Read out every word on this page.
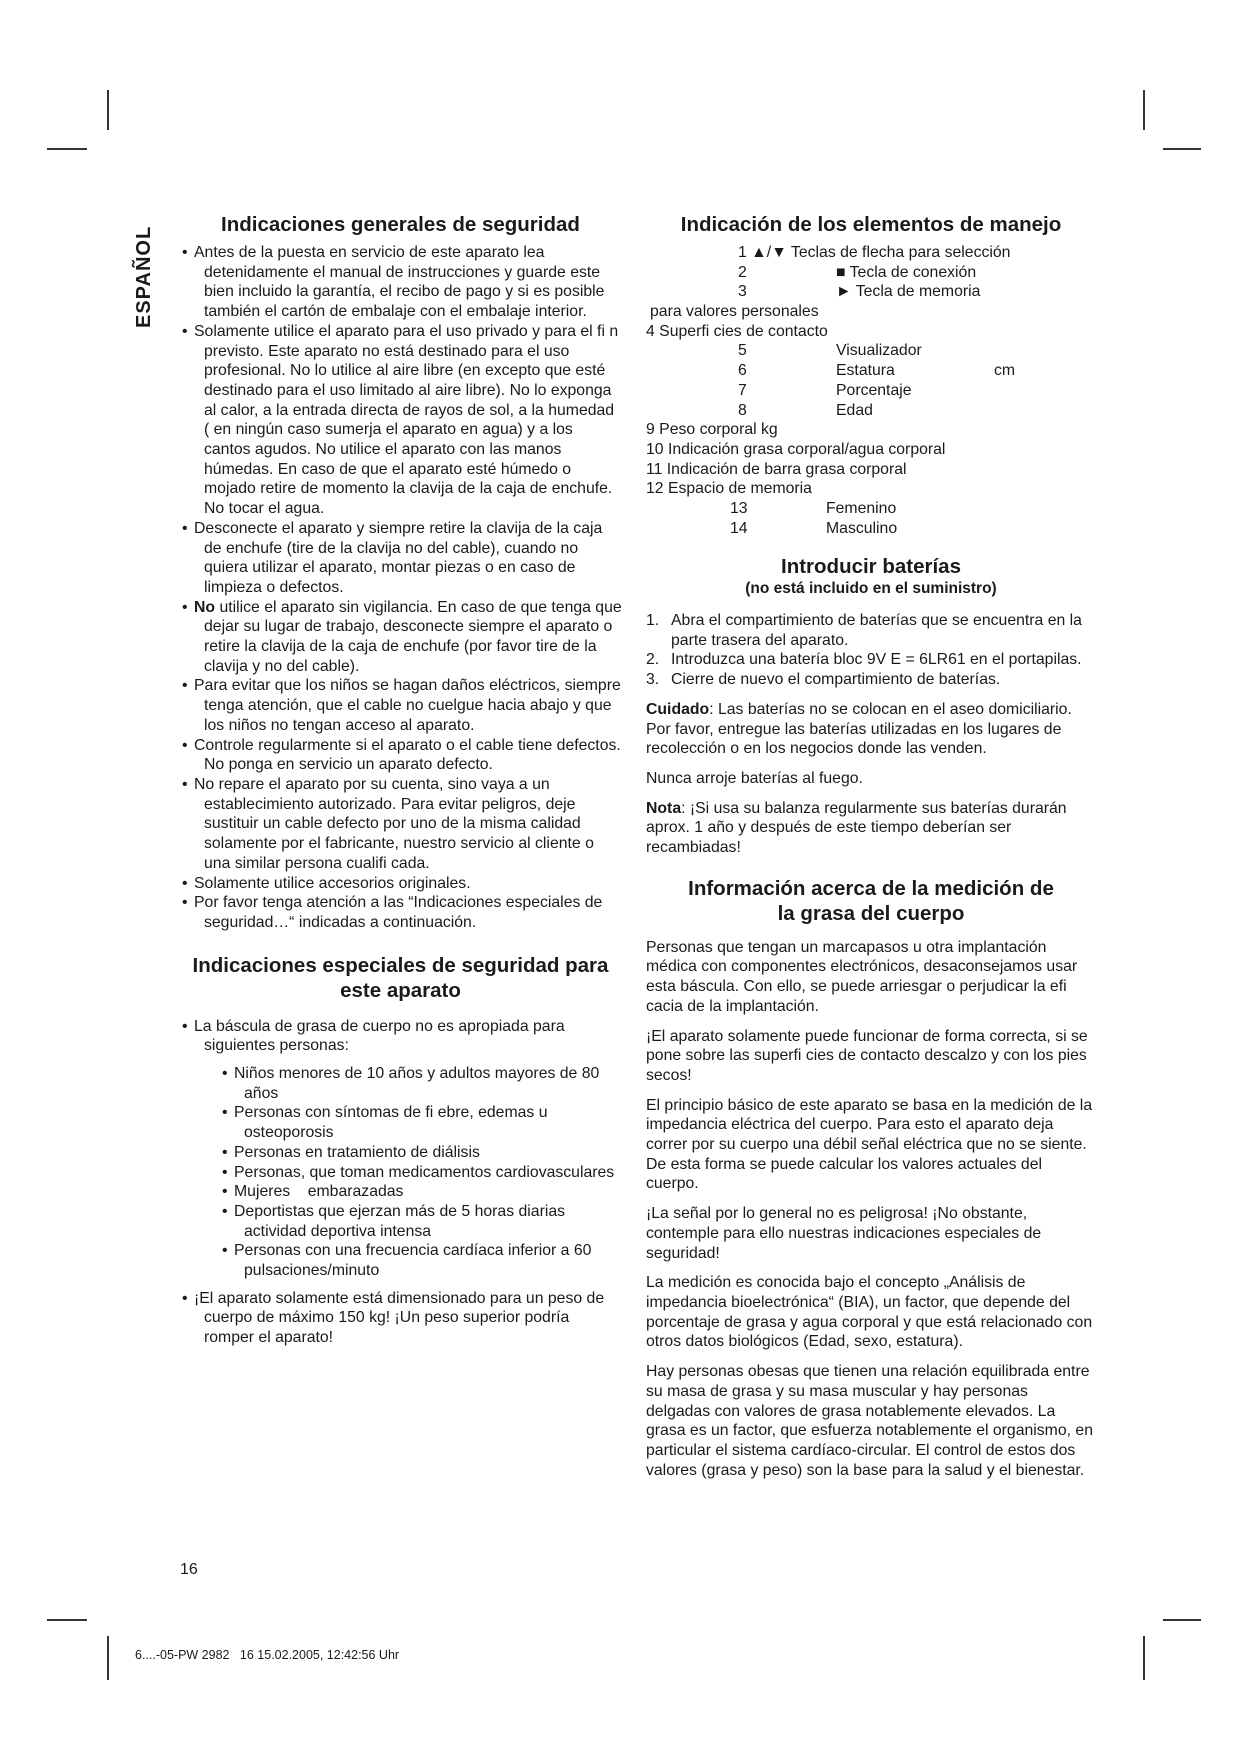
ESPAÑOL
Indicaciones generales de seguridad
• Antes de la puesta en servicio de este aparato lea detenidamente el manual de instrucciones y guarde este bien incluido la garantía, el recibo de pago y si es posible también el cartón de embalaje con el embalaje interior.
• Solamente utilice el aparato para el uso privado y para el fi n previsto. Este aparato no está destinado para el uso profesional. No lo utilice al aire libre (en excepto que esté destinado para el uso limitado al aire libre). No lo exponga al calor, a la entrada directa de rayos de sol, a la humedad ( en ningún caso sumerja el aparato en agua) y a los cantos agudos. No utilice el aparato con las manos húmedas. En caso de que el aparato esté húmedo o mojado retire de momento la clavija de la caja de enchufe. No tocar el agua.
• Desconecte el aparato y siempre retire la clavija de la caja de enchufe (tire de la clavija no del cable), cuando no quiera utilizar el aparato, montar piezas o en caso de limpieza o defectos.
• No utilice el aparato sin vigilancia. En caso de que tenga que dejar su lugar de trabajo, desconecte siempre el aparato o retire la clavija de la caja de enchufe (por favor tire de la clavija y no del cable).
• Para evitar que los niños se hagan daños eléctricos, siempre tenga atención, que el cable no cuelgue hacia abajo y que los niños no tengan acceso al aparato.
• Controle regularmente si el aparato o el cable tiene defectos. No ponga en servicio un aparato defecto.
• No repare el aparato por su cuenta, sino vaya a un establecimiento autorizado. Para evitar peligros, deje sustituir un cable defecto por uno de la misma calidad solamente por el fabricante, nuestro servicio al cliente o una similar persona cualifi cada.
• Solamente utilice accesorios originales.
• Por favor tenga atención a las “Indicaciones especiales de seguridad…“ indicadas a continuación.
Indicaciones especiales de seguridad para este aparato
• La báscula de grasa de cuerpo no es apropiada para siguientes personas:
• Niños menores de 10 años y adultos mayores de 80 años
• Personas con síntomas de fi ebre, edemas u osteoporosis
• Personas en tratamiento de diálisis
• Personas, que toman medicamentos cardiovasculares
• Mujeres    embarazadas
• Deportistas que ejerzan más de 5 horas diarias actividad deportiva intensa
• Personas con una frecuencia cardíaca inferior a 60 pulsaciones/minuto
• ¡El aparato solamente está dimensionado para un peso de cuerpo de máximo 150 kg! ¡Un peso superior podría romper el aparato!
Indicación de los elementos de manejo
1 ▲/▼ Teclas de flecha para selección
2	■ Tecla de conexión
3	► Tecla de memoria
para valores personales
4 Superfi cies de contacto
5	Visualizador
6	Estatura	cm
7	Porcentaje
8	Edad
9 Peso corporal kg
10 Indicación grasa corporal/agua corporal
11 Indicación de barra grasa corporal
12 Espacio de memoria
13	Femenino
14	Masculino
Introducir baterías
(no está incluido en el suministro)
1. Abra el compartimiento de baterías que se encuentra en la parte trasera del aparato.
2. Introduzca una batería bloc 9V E = 6LR61 en el portapilas.
3. Cierre de nuevo el compartimiento de baterías.

Cuidado: Las baterías no se colocan en el aseo domiciliario. Por favor, entregue las baterías utilizadas en los lugares de recolección o en los negocios donde las venden.

Nunca arroje baterías al fuego.

Nota: ¡Si usa su balanza regularmente sus baterías durarán aprox. 1 año y después de este tiempo deberían ser recambiadas!

Información acerca de la medición de la grasa del cuerpo

Personas que tengan un marcapasos u otra implantación médica con componentes electrónicos, desaconsejamos usar esta báscula. Con ello, se puede arriesgar o perjudicar la efi cacia de la implantación.

¡El aparato solamente puede funcionar de forma correcta, si se pone sobre las superfi cies de contacto descalzo y con los pies secos!

El principio básico de este aparato se basa en la medición de la impedancia eléctrica del cuerpo. Para esto el aparato deja correr por su cuerpo una débil señal eléctrica que no se siente. De esta forma se puede calcular los valores actuales del cuerpo.

¡La señal por lo general no es peligrosa! ¡No obstante, contemple para ello nuestras indicaciones especiales de seguridad!

La medición es conocida bajo el concepto „Análisis de impedancia bioelectrónica“ (BIA), un factor, que depende del porcentaje de grasa y agua corporal y que está relacionado con otros datos biológicos (Edad, sexo, estatura).

Hay personas obesas que tienen una relación equilibrada entre su masa de grasa y su masa muscular y hay personas delgadas con valores de grasa notablemente elevados. La grasa es un factor, que esfuerza notablemente el organismo, en particular el sistema cardíaco-circular. El control de estos dos valores (grasa y peso) son la base para la salud y el bienestar.

16
6....-05-PW 2982   16 15.02.2005, 12:42:56 Uhr
